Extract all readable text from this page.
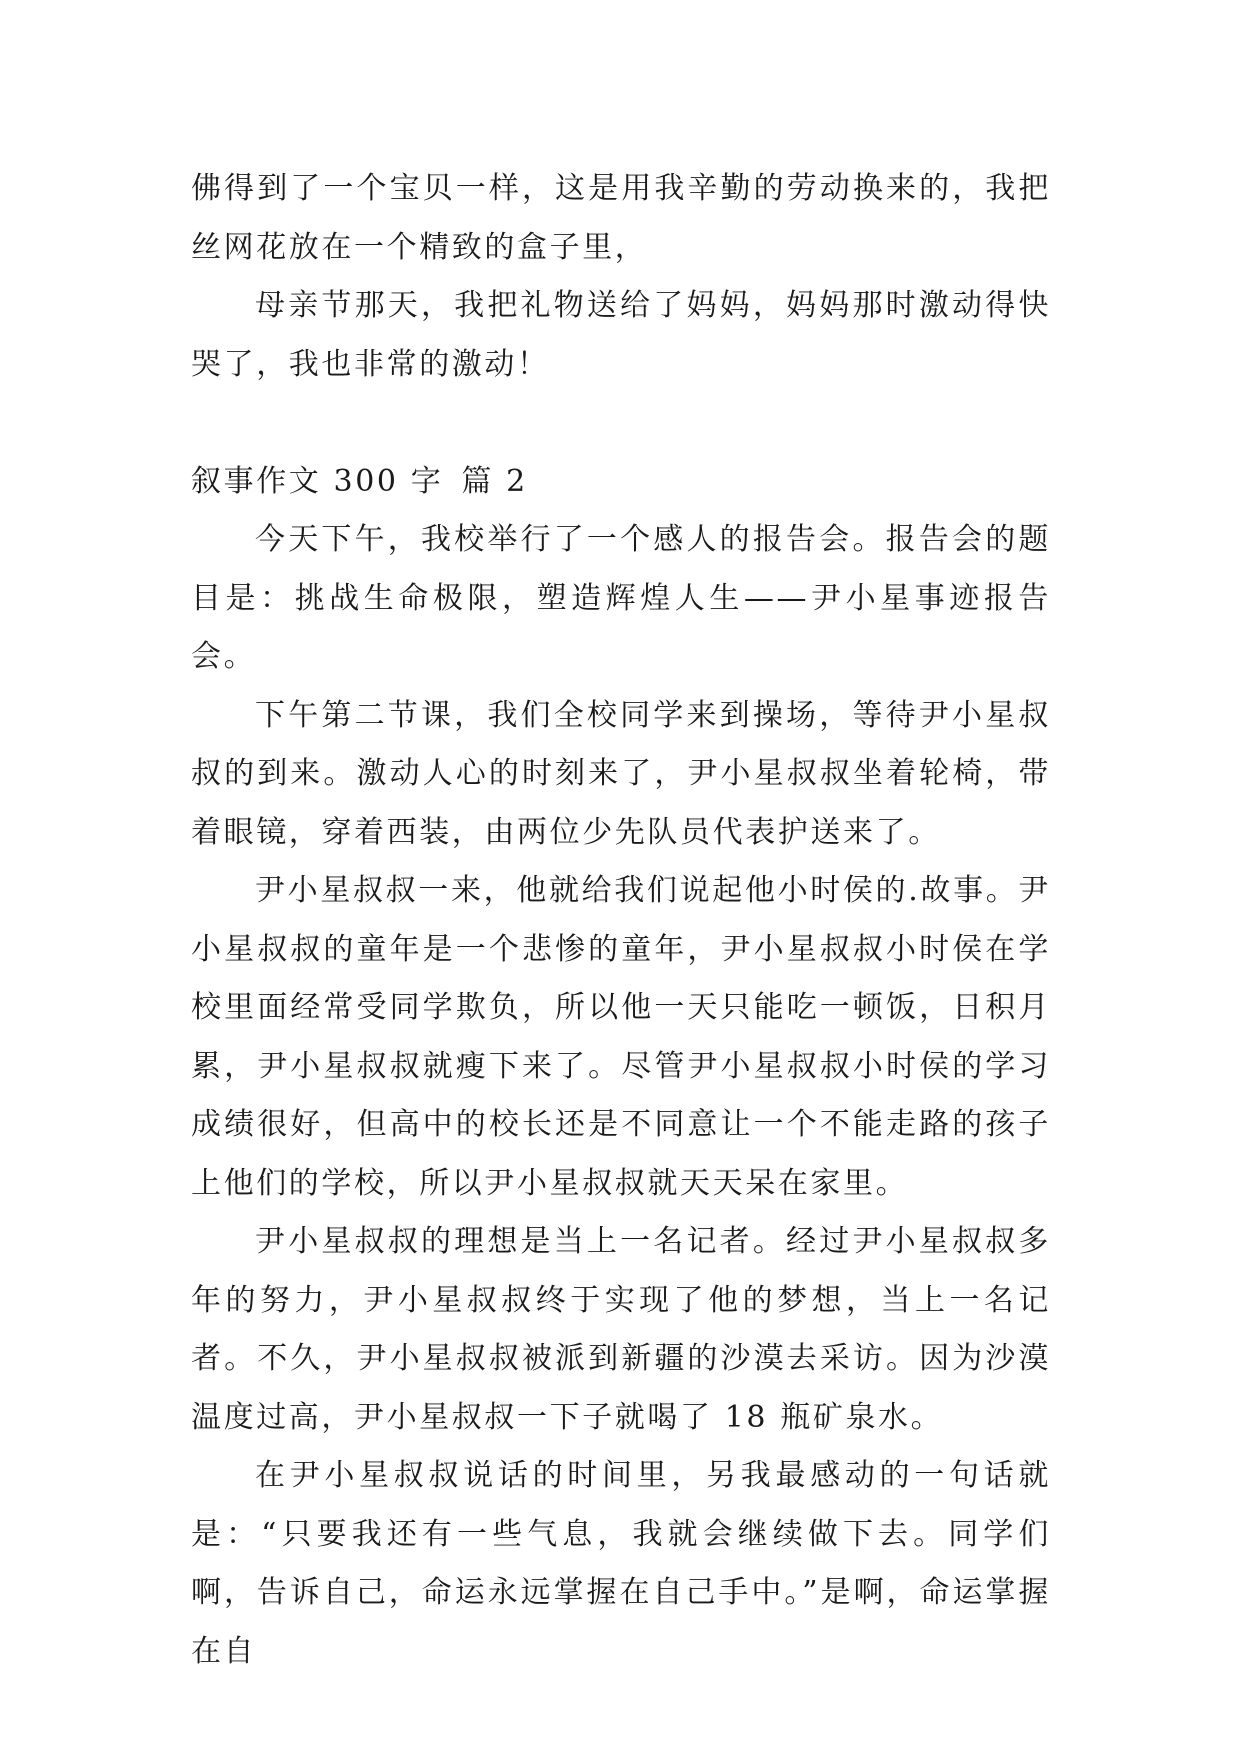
佛得到了一个宝贝一样，这是用我辛勤的劳动换来的，我把丝网花放在一个精致的盒子里，

母亲节那天，我把礼物送给了妈妈，妈妈那时激动得快哭了，我也非常的激动！

叙事作文 300 字 篇 2

今天下午，我校举行了一个感人的报告会。报告会的题目是：挑战生命极限，塑造辉煌人生——尹小星事迹报告会。

下午第二节课，我们全校同学来到操场，等待尹小星叔叔的到来。激动人心的时刻来了，尹小星叔叔坐着轮椅，带着眼镜，穿着西装，由两位少先队员代表护送来了。

尹小星叔叔一来，他就给我们说起他小时侯的.故事。尹小星叔叔的童年是一个悲惨的童年，尹小星叔叔小时侯在学校里面经常受同学欺负，所以他一天只能吃一顿饭，日积月累，尹小星叔叔就瘦下来了。尽管尹小星叔叔小时侯的学习成绩很好，但高中的校长还是不同意让一个不能走路的孩子上他们的学校，所以尹小星叔叔就天天呆在家里。

尹小星叔叔的理想是当上一名记者。经过尹小星叔叔多年的努力，尹小星叔叔终于实现了他的梦想，当上一名记者。不久，尹小星叔叔被派到新疆的沙漠去采访。因为沙漠温度过高，尹小星叔叔一下子就喝了 18 瓶矿泉水。

在尹小星叔叔说话的时间里，另我最感动的一句话就是：“只要我还有一些气息，我就会继续做下去。同学们啊，告诉自己，命运永远掌握在自己手中。”是啊，命运掌握在自
